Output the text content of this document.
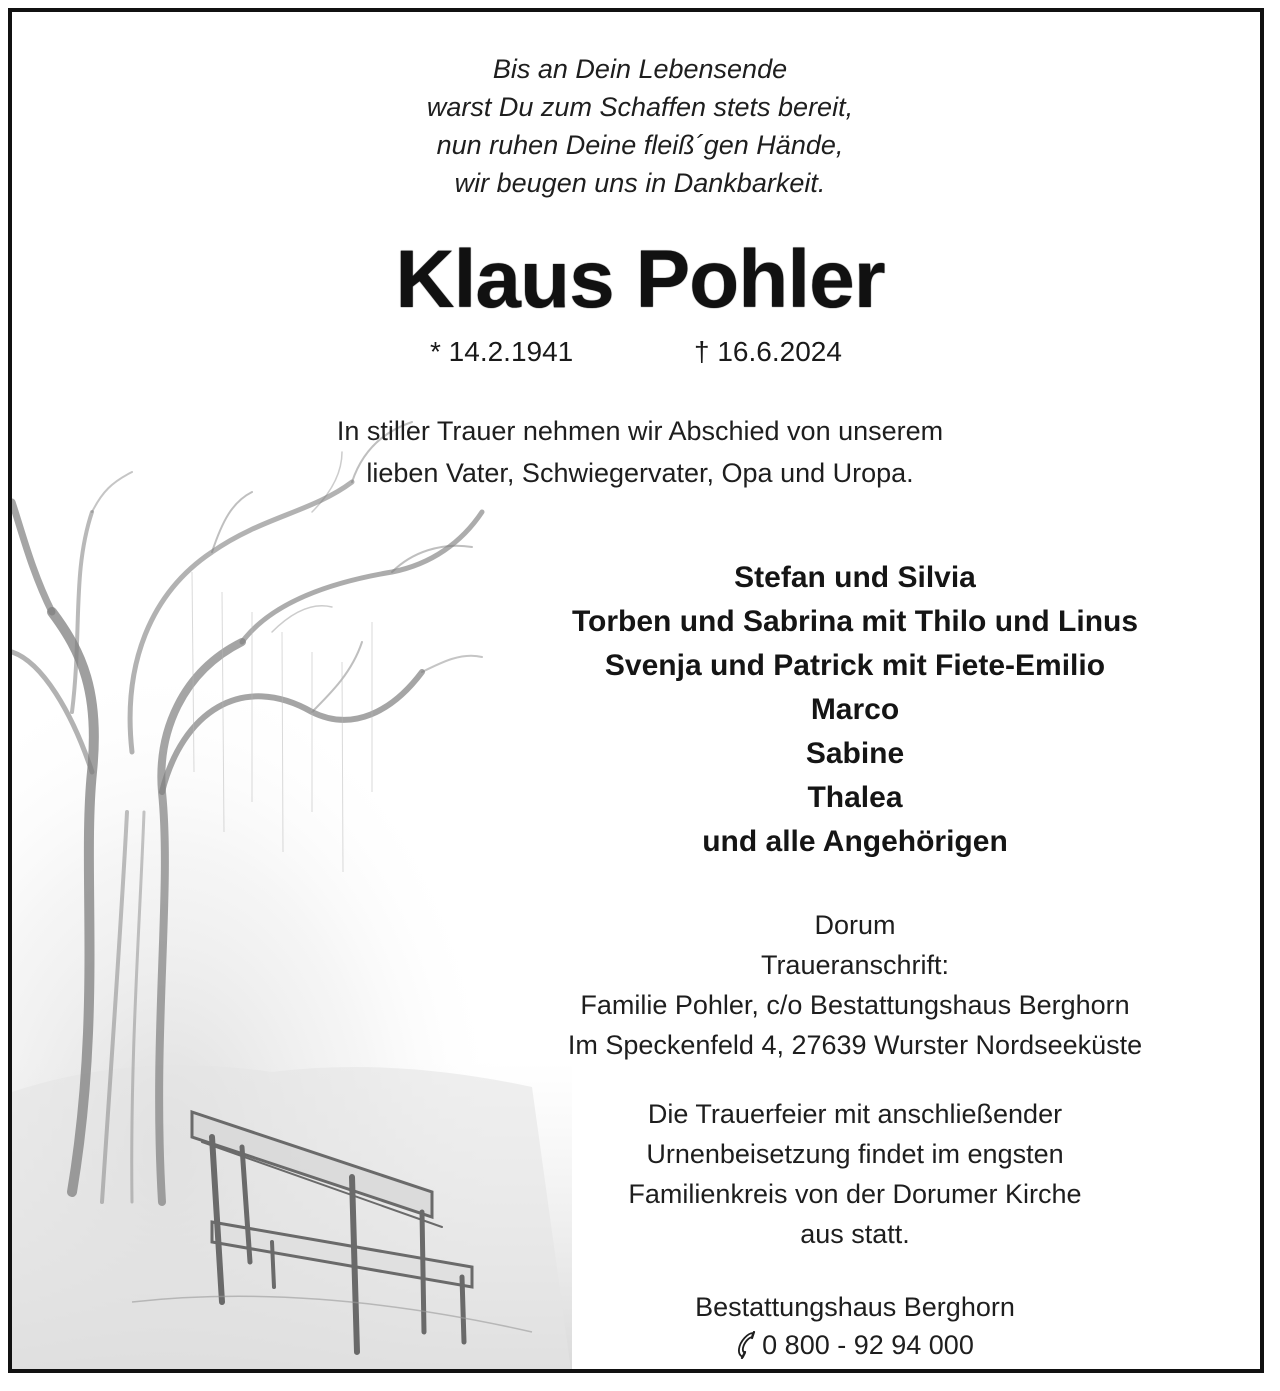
Bis an Dein Lebensende
warst Du zum Schaffen stets bereit,
nun ruhen Deine fleiß´gen Hände,
wir beugen uns in Dankbarkeit.
Klaus Pohler
* 14.2.1941	† 16.6.2024
In stiller Trauer nehmen wir Abschied von unserem
lieben Vater, Schwiegervater, Opa und Uropa.
Stefan und Silvia
Torben und Sabrina mit Thilo und Linus
Svenja und Patrick mit Fiete-Emilio
Marco
Sabine
Thalea
und alle Angehörigen
Dorum
Traueranschrift:
Familie Pohler, c/o Bestattungshaus Berghorn
Im Speckenfeld 4, 27639 Wurster Nordseeküste
Die Trauerfeier mit anschließender
Urnenbeisetzung findet im engsten
Familienkreis von der Dorumer Kirche
aus statt.
Bestattungshaus Berghorn
0 800 - 92 94 000
